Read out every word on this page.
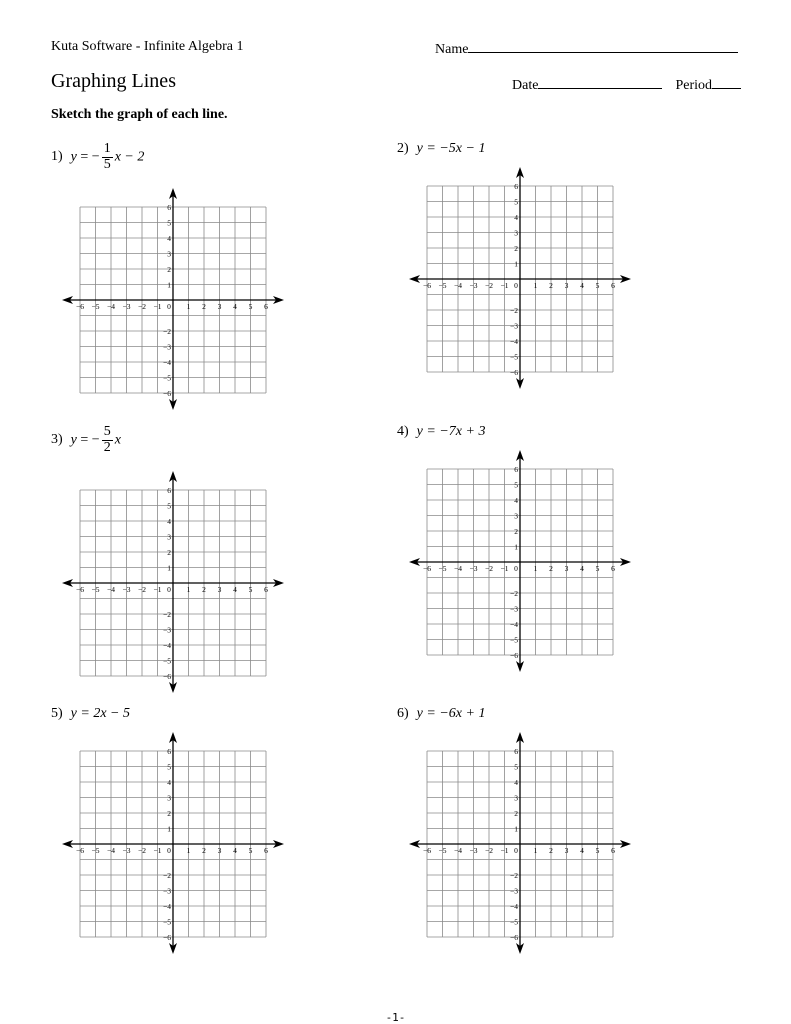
Kuta Software - Infinite Algebra 1	Name
Graphing Lines	Date	Period
Sketch the graph of each line.
1) y = − $\frac{1}{5}$ x − 2
2) y = −5x − 1
3) y = − $\frac{5}{2}$ x
4) y = −7x + 3
5) y = 2x − 5	6) y = −6x + 1
−6 −5 −4 −3 −2 −1 0 1 2 3 4 5 6
1
2
3
4
5
6
−2
−3
−4
−5
−6
−6 −5 −4 −3 −2 −1 0 1 2 3 4 5 6
1
2
3
4
5
6
−2
−3
−4
−5
−6
−6 −5 −4 −3 −2 −1 0 1 2 3 4 5 6
1
2
3
4
5
6
−2
−3
−4
−5
−6
−6 −5 −4 −3 −2 −1 0 1 2 3 4 5 6
1
2
3
4
5
6
−2
−3
−4
−5
−6
−6 −5 −4 −3 −2 −1 0 1 2 3 4 5 6
1
2
3
4
5
6
−2
−3
−4
−5
−6
−6 −5 −4 −3 −2 −1 0 1 2 3 4 5 6
1
2
3
4
5
6
−2
−3
−4
−5
−6
-1-
